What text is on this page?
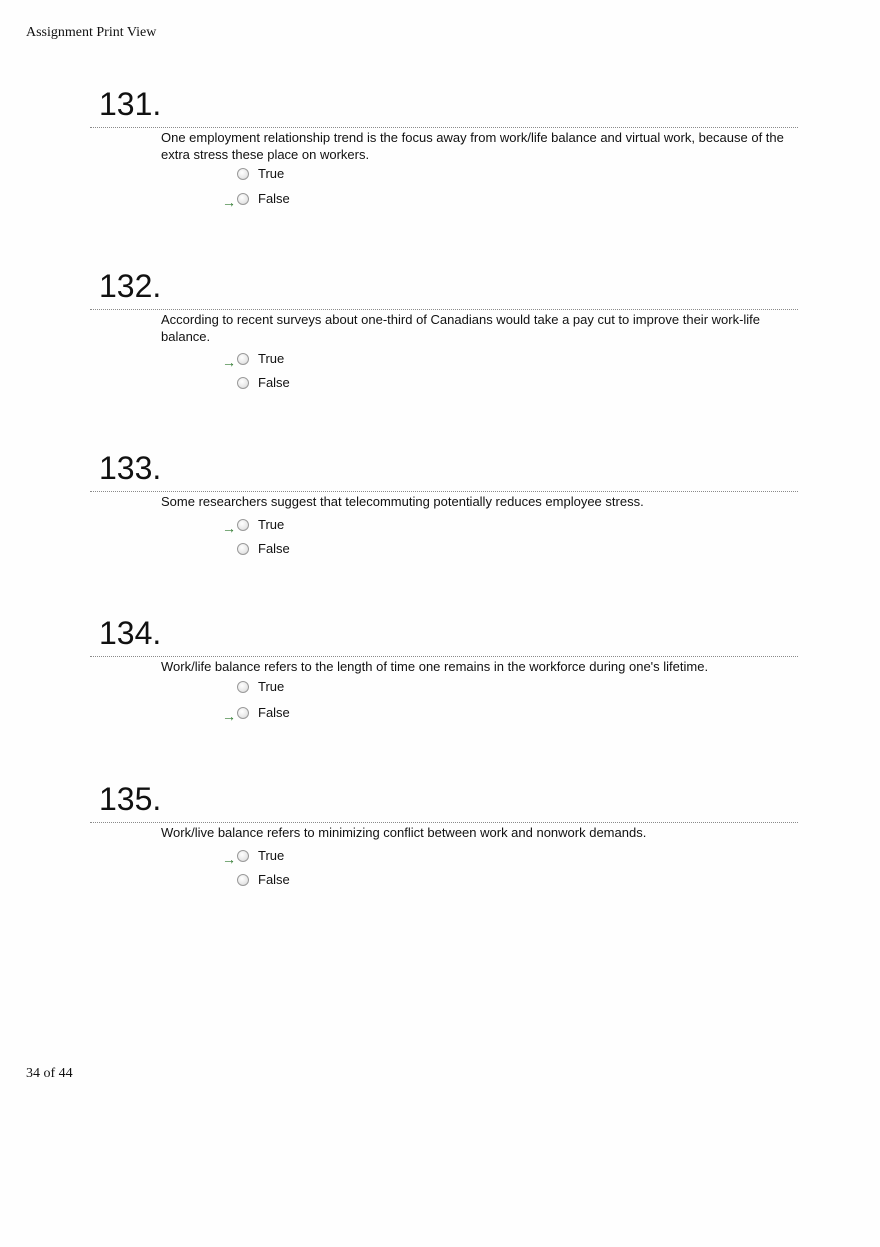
Assignment Print View
131.
One employment relationship trend is the focus away from work/life balance and virtual work, because of the extra stress these place on workers.
True
→ False
132.
According to recent surveys about one-third of Canadians would take a pay cut to improve their work-life balance.
→ True
False
133.
Some researchers suggest that telecommuting potentially reduces employee stress.
→ True
False
134.
Work/life balance refers to the length of time one remains in the workforce during one's lifetime.
True
→ False
135.
Work/live balance refers to minimizing conflict between work and nonwork demands.
→ True
False
34 of 44
